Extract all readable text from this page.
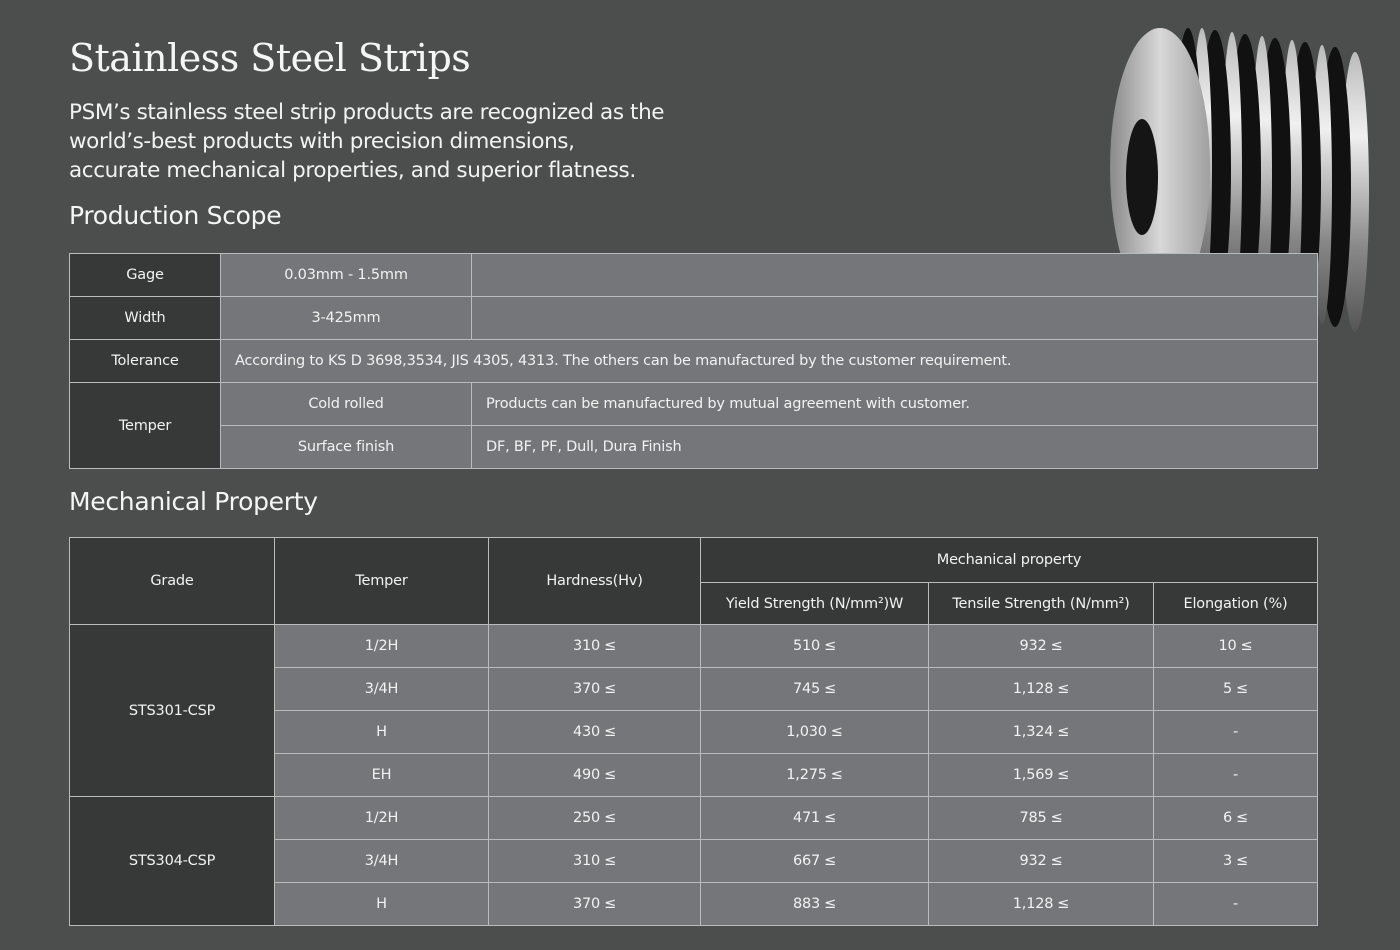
Stainless Steel Strips

PSM’s stainless steel strip products are recognized as the world’s-best products with precision dimensions, accurate mechanical properties, and superior flatness.

Production Scope
Gage	0.03mm - 1.5mm	
Width	3-425mm	
Tolerance	According to KS D 3698,3534, JIS 4305, 4313. The others can be manufactured by the customer requirement.	
Temper	Cold rolled	Products can be manufactured by mutual agreement with customer.
	Surface finish	DF, BF, PF, Dull, Dura Finish
Mechanical Property
Grade	Temper	Hardness(Hv)	Mechanical property		
			Yield Strength (N/mm²)W	Tensile Strength (N/mm²)	Elongation (%)
STS301-CSP	1/2H	310 ≤	510 ≤	932 ≤	10 ≤
	3/4H	370 ≤	745 ≤	1,128 ≤	5 ≤
	H	430 ≤	1,030 ≤	1,324 ≤	-
	EH	490 ≤	1,275 ≤	1,569 ≤	-
STS304-CSP	1/2H	250 ≤	471 ≤	785 ≤	6 ≤
	3/4H	310 ≤	667 ≤	932 ≤	3 ≤
	H	370 ≤	883 ≤	1,128 ≤	-
